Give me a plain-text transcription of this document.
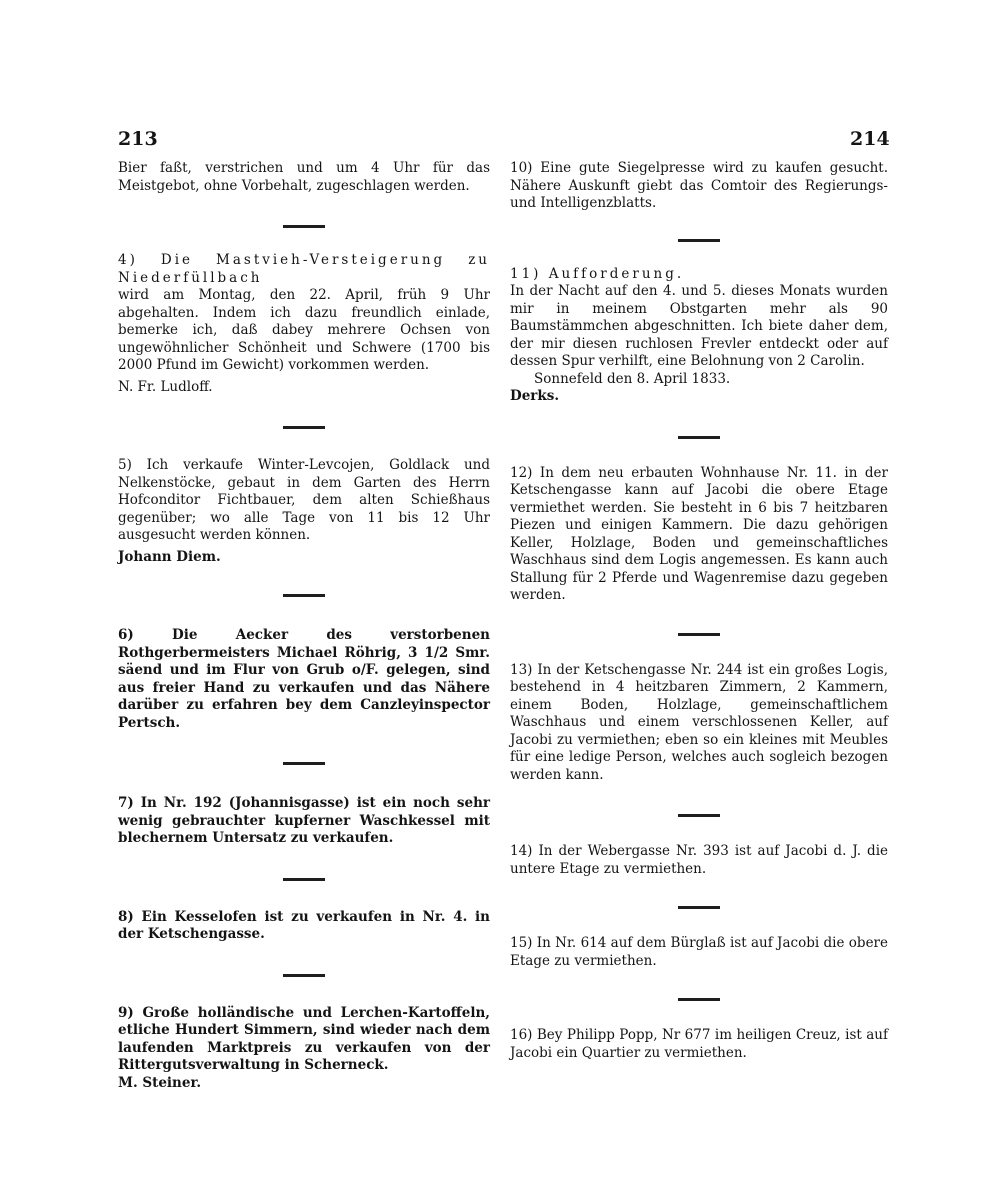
213	214

Bier faßt, verstrichen und um 4 Uhr für das Meistgebot, ohne Vorbehalt, zugeschlagen werden.

4) Die Mastvieh-Versteigerung zu Niederfüllbach

wird am Montag, den 22. April, früh 9 Uhr abgehalten. Indem ich dazu freundlich einlade, bemerke ich, daß dabey mehrere Ochsen von ungewöhnlicher Schönheit und Schwere (1700 bis 2000 Pfund im Gewicht) vorkommen werden.

N. Fr. Ludloff.

5) Ich verkaufe Winter-Levcojen, Goldlack und Nelkenstöcke, gebaut in dem Garten des Herrn Hofconditor Fichtbauer, dem alten Schießhaus gegenüber; wo alle Tage von 11 bis 12 Uhr ausgesucht werden können.

Johann Diem.

6) Die Aecker des verstorbenen Rothgerbermeisters Michael Röhrig, 3 1/2 Smr. säend und im Flur von Grub o/F. gelegen, sind aus freier Hand zu verkaufen und das Nähere darüber zu erfahren bey dem Canzleyinspector Pertsch.

7) In Nr. 192 (Johannisgasse) ist ein noch sehr wenig gebrauchter kupferner Waschkessel mit blechernem Untersatz zu verkaufen.

8) Ein Kesselofen ist zu verkaufen in Nr. 4. in der Ketschengasse.

9) Große holländische und Lerchen-Kartoffeln, etliche Hundert Simmern, sind wieder nach dem laufenden Marktpreis zu verkaufen von der Rittergutsverwaltung in Scherneck.

M. Steiner.

10) Eine gute Siegelpresse wird zu kaufen gesucht. Nähere Auskunft giebt das Comtoir des Regierungs- und Intelligenzblatts.

11) Aufforderung.

In der Nacht auf den 4. und 5. dieses Monats wurden mir in meinem Obstgarten mehr als 90 Baumstämmchen abgeschnitten. Ich biete daher dem, der mir diesen ruchlosen Frevler entdeckt oder auf dessen Spur verhilft, eine Belohnung von 2 Carolin.

Sonnefeld den 8. April 1833.

Derks.

12) In dem neu erbauten Wohnhause Nr. 11. in der Ketschengasse kann auf Jacobi die obere Etage vermiethet werden. Sie besteht in 6 bis 7 heitzbaren Piezen und einigen Kammern. Die dazu gehörigen Keller, Holzlage, Boden und gemeinschaftliches Waschhaus sind dem Logis angemessen. Es kann auch Stallung für 2 Pferde und Wagenremise dazu gegeben werden.

13) In der Ketschengasse Nr. 244 ist ein großes Logis, bestehend in 4 heitzbaren Zimmern, 2 Kammern, einem Boden, Holzlage, gemeinschaftlichem Waschhaus und einem verschlossenen Keller, auf Jacobi zu vermiethen; eben so ein kleines mit Meubles für eine ledige Person, welches auch sogleich bezogen werden kann.

14) In der Webergasse Nr. 393 ist auf Jacobi d. J. die untere Etage zu vermiethen.

15) In Nr. 614 auf dem Bürglaß ist auf Jacobi die obere Etage zu vermiethen.

16) Bey Philipp Popp, Nr 677 im heiligen Creuz, ist auf Jacobi ein Quartier zu vermiethen.
